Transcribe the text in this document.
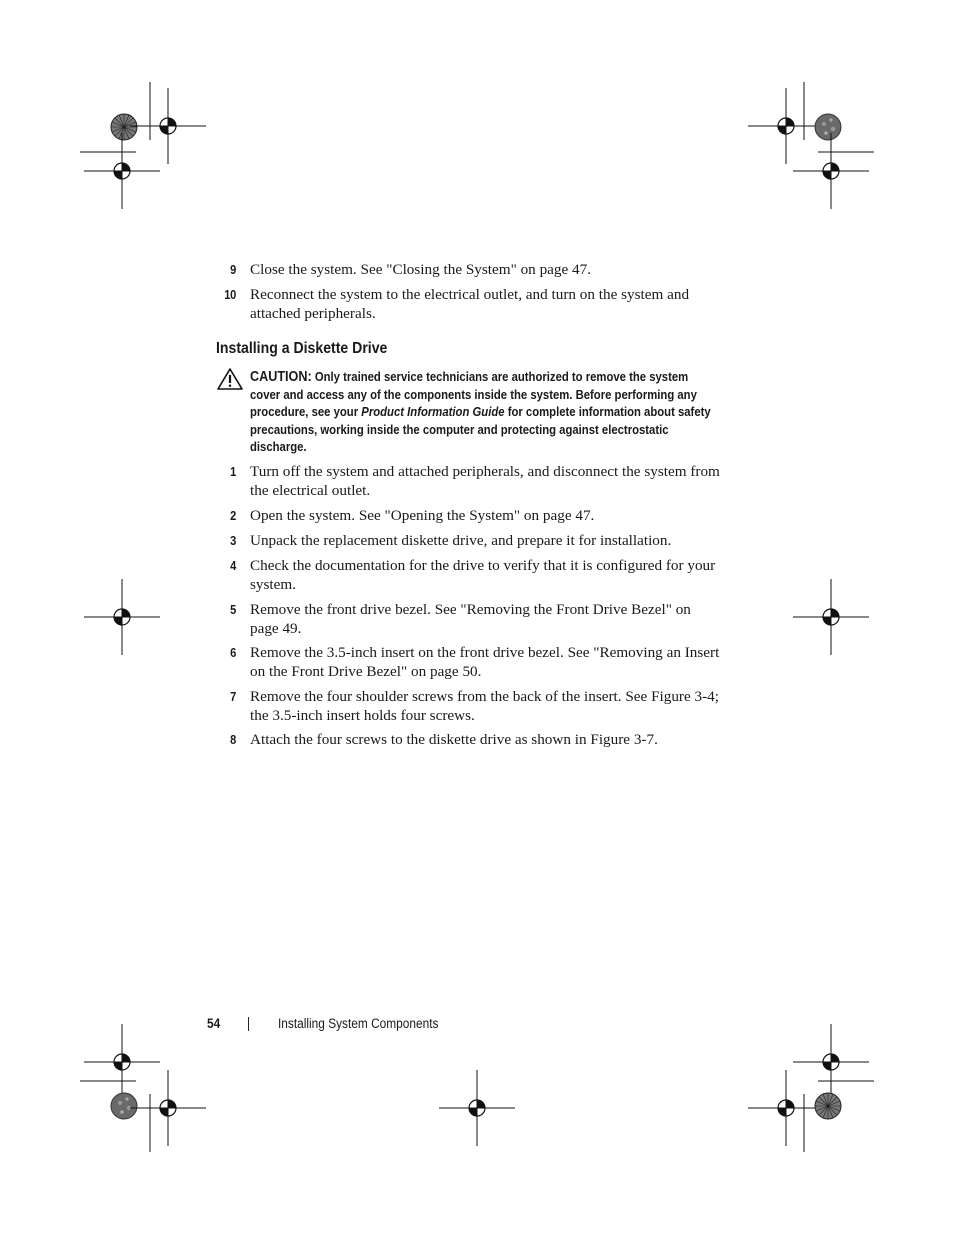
9 Close the system. See "Closing the System" on page 47.
10 Reconnect the system to the electrical outlet, and turn on the system and attached peripherals.
Installing a Diskette Drive
CAUTION: Only trained service technicians are authorized to remove the system cover and access any of the components inside the system. Before performing any procedure, see your Product Information Guide for complete information about safety precautions, working inside the computer and protecting against electrostatic discharge.
1 Turn off the system and attached peripherals, and disconnect the system from the electrical outlet.
2 Open the system. See "Opening the System" on page 47.
3 Unpack the replacement diskette drive, and prepare it for installation.
4 Check the documentation for the drive to verify that it is configured for your system.
5 Remove the front drive bezel. See "Removing the Front Drive Bezel" on page 49.
6 Remove the 3.5-inch insert on the front drive bezel. See "Removing an Insert on the Front Drive Bezel" on page 50.
7 Remove the four shoulder screws from the back of the insert. See Figure 3-4; the 3.5-inch insert holds four screws.
8 Attach the four screws to the diskette drive as shown in Figure 3-7.
54	Installing System Components
